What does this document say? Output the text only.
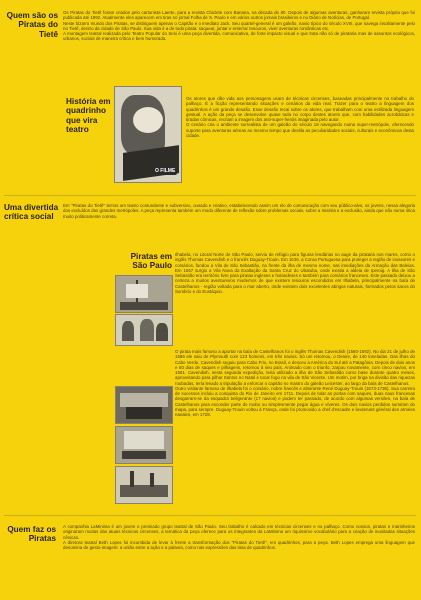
Quem são os Piratas do Tietê
Os Piratas do Tietê foram criados pelo cartunista Laerte, para a revista Chiclete com Banana, na década de 80. Depois de algumas aventuras, ganharam revista própria que foi publicada até 1992. Atualmente eles aparecem em tiras no jornal Folha de S. Paulo e em vários outros jornais brasileiros e no Diário de Notícias, de Portugal.
Neste bizarro mundo dos Piratas, se distinguem apenas o Capitão e o imediato Jack. Seu quartel-general é um galeão, navio típico do século XVIII, que navega insolitamente pelo rio Tietê, dentro da cidade de São Paulo. Sua vida é a de todo pirata: saquear, juntar e enterrar tesouros, viver aventuras românticas etc.
A montagem teatral realizada pelo Teatro Popular do Sesi é uma peça divertida, comunicativa, de forte impacto visual e que trata não só de pirataria mas de assuntos ecológicos, urbanos, sociais de maneira crítica e bem humorada.
O FILME
História em quadrinho que vira teatro
Os atores que dão vida aos personagens usam de técnicas circenses, baseadas principalmente no trabalho do palhaço. É a ficção representando situações e cenários da vida real. Trazer para o teatro a linguagem dos quadrinhos é um grande desafio. Esse desafio recai sobre os atores, que trabalham com uma estilizada linguagem gestual. A ação da peça se desenvolve quase toda no corpo destes atores que, com habilidades acrobáticas e tiradas cômicas, recriam a imagem dos anti-super-heróis imaginada pelo autor.
O cenário cria o ambiente surrealista de um galeão do século 18 navegando numa super-metrópole, oferecendo suporte para aventuras aéreas ao mesmo tempo que destila as peculiaridades sociais, culturais e econômicas desta cidade.
Uma divertida crítica social
Em "Piratas do Tietê" temos um teatro contundente e subversivo, ousado e criativo, estabelecendo assim um elo de comunicação com seu público-alvo, os jovens, nessa alegoria dos excluídos das grandes metrópoles. A peça representa também um modo diferente de reflexão sobre problemas sociais, sobre a miséria e a exclusão, ainda que não numa ótica muito politicamente correta.
Piratas em São Paulo
Ilhabela, no Litoral Norte de São Paulo, serviu de refúgio para figuras lendárias no auge da pirataria nos mares, como o inglês Thomas Cavendish e o francês Duguay-Trouin. Em 1636, a Coroa Portuguesa para proteger a região de invasores e corsários, fundou a Vila de São Sebastião, na frente da ilha de mesmo nome, nas imediações da Armação das Baleias. Em 1657 surgiu a Vila Nova da Exaltação da Santa Cruz do Ubatuba, onde existia a aldeia de Iperoig. A ilha de São Sebastião era território livre para piratas ingleses e holandeses e também para corsários franceses. Este passado deixou a certeza a muitos aventureiros modernos de que existem tesouros escondidos em Ilhabela, principalmente na baía de Castelhanos - região voltada para o mar aberto, onde existem dois excelentes abrigos naturais, formados pelos sacos do Sombrio e do Eustáquio.
O pirata mais famoso a aportar na baía de Castelhanos foi o inglês Thomas Cavendish (1560-1592). No dia 21 de julho de 1586 ele saiu de Plymouth com 123 homens, em três navios. Só um retornou, o Desire, de 140 toneladas. Das ilhas do Cabo Verde, Cavendish seguiu para Cabo Frio, no Brasil, e desceu a América do Sul até a Patagônia. Depois de dois anos e 50 dias de saques e pilhagens, retornou à seu país. Animado com o triunfo, zarpou novamente, com cinco navios, em 1591. Cavendish, nesta segunda expedição, teria utilizado a ilha de São Sebastião como base durante quatro meses, aproveitando para pilhar Santos no Natal e tocar fogo na vila de São Vicente. Um motim, por briga na divisão das riquezas roubadas, teria levado a tripulação a enforcar o capitão no mastro do galeão Leicester, ao largo da baía de Castelhanos.
Outro visitante famoso de Ilhabela foi o corsário, nobre francês e almirante René Duguay-Trouin (1673-1736). Sua carreira de sucessos incluiu a conquista do Rio de Janeiro em 1711. Depois de tolar as portas com saques, duas naus francesas desgarram-se da esquadra beligerante (17 navios) e podem ter passado, de acordo com algumas versões, na baía de Castelhanos para esconder parte do roubo ou simplesmente pegar água e víveres. Os dois navios perdidos sumiram do mapa, para sempre. Duguay-Trouin voltou à França, onde foi promovido a chef d'escadre e lieutenant général des armées navales, em 1728.
Quem faz os Piratas
A companhia LaMinima é um jovem e premiado grupo teatral de São Paulo. Seu trabalho é calcado em técnicas circenses e no palhaço. Como nossos, piratas e marinheiros originaram muitas das atuais técnicas circenses, a temática da peça oferece para os integrantes da LaMinima um riquíssimo vocabulário para a criação de inusitadas situações cênicas.
A diretora teatral Beth Lopes foi incumbida de levar à frente a transformação dos "Piratas do Tietê", em quadrinhos, para a peça. Beth Lopes emprega uma linguagem que denomina de gesto-imagem: a união entre a ação e a palavra, como nas expressões das tiras de quadrinhos.
